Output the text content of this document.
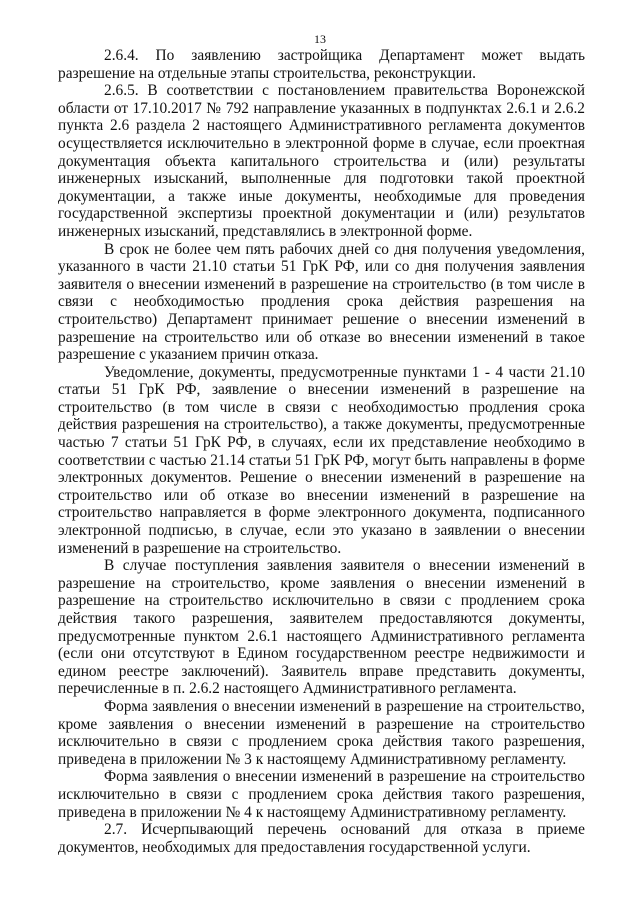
13

2.6.4. По заявлению застройщика Департамент может выдать разрешение на отдельные этапы строительства, реконструкции.

2.6.5. В соответствии с постановлением правительства Воронежской области от 17.10.2017 № 792 направление указанных в подпунктах 2.6.1 и 2.6.2 пункта 2.6 раздела 2 настоящего Административного регламента документов осуществляется исключительно в электронной форме в случае, если проектная документация объекта капитального строительства и (или) результаты инженерных изысканий, выполненные для подготовки такой проектной документации, а также иные документы, необходимые для проведения государственной экспертизы проектной документации и (или) результатов инженерных изысканий, представлялись в электронной форме.

В срок не более чем пять рабочих дней со дня получения уведомления, указанного в части 21.10 статьи 51 ГрК РФ, или со дня получения заявления заявителя о внесении изменений в разрешение на строительство (в том числе в связи с необходимостью продления срока действия разрешения на строительство) Департамент принимает решение о внесении изменений в разрешение на строительство или об отказе во внесении изменений в такое разрешение с указанием причин отказа.

Уведомление, документы, предусмотренные пунктами 1 - 4 части 21.10 статьи 51 ГрК РФ, заявление о внесении изменений в разрешение на строительство (в том числе в связи с необходимостью продления срока действия разрешения на строительство), а также документы, предусмотренные частью 7 статьи 51 ГрК РФ, в случаях, если их представление необходимо в соответствии с частью 21.14 статьи 51 ГрК РФ, могут быть направлены в форме электронных документов. Решение о внесении изменений в разрешение на строительство или об отказе во внесении изменений в разрешение на строительство направляется в форме электронного документа, подписанного электронной подписью, в случае, если это указано в заявлении о внесении изменений в разрешение на строительство.

В случае поступления заявления заявителя о внесении изменений в разрешение на строительство, кроме заявления о внесении изменений в разрешение на строительство исключительно в связи с продлением срока действия такого разрешения, заявителем предоставляются документы, предусмотренные пунктом 2.6.1 настоящего Административного регламента (если они отсутствуют в Едином государственном реестре недвижимости и едином реестре заключений). Заявитель вправе представить документы, перечисленные в п. 2.6.2 настоящего Административного регламента.

Форма заявления о внесении изменений в разрешение на строительство, кроме заявления о внесении изменений в разрешение на строительство исключительно в связи с продлением срока действия такого разрешения, приведена в приложении № 3 к настоящему Административному регламенту.

Форма заявления о внесении изменений в разрешение на строительство исключительно в связи с продлением срока действия такого разрешения, приведена в приложении № 4 к настоящему Административному регламенту.

2.7. Исчерпывающий перечень оснований для отказа в приеме документов, необходимых для предоставления государственной услуги.
